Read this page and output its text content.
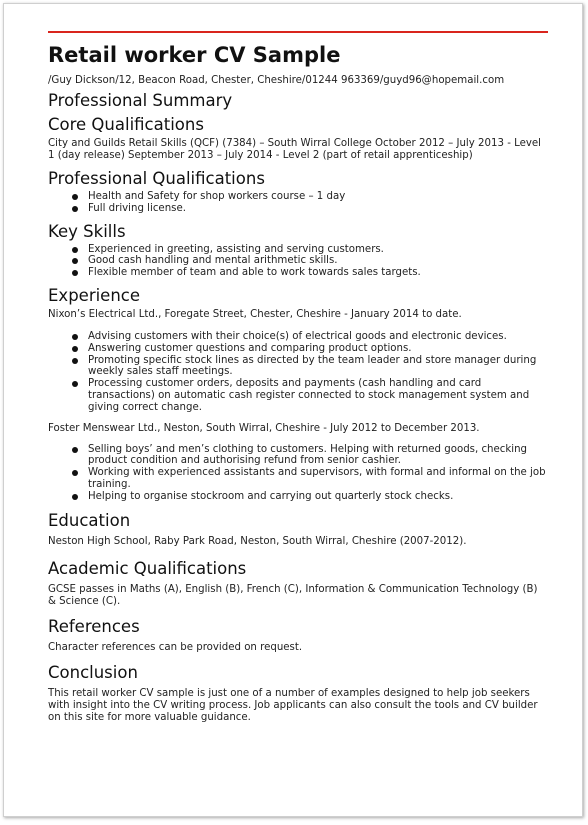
Retail worker CV Sample
/Guy Dickson/12, Beacon Road, Chester, Cheshire/01244 963369/guyd96@hopemail.com
Professional Summary
Core Qualifications

City and Guilds Retail Skills (QCF) (7384) – South Wirral College October 2012 – July 2013 - Level 1 (day release) September 2013 – July 2014 - Level 2 (part of retail apprenticeship)

Professional Qualifications
Health and Safety for shop workers course – 1 day
Full driving license.
Key Skills
Experienced in greeting, assisting and serving customers.
Good cash handling and mental arithmetic skills.
Flexible member of team and able to work towards sales targets.
Experience

Nixon’s Electrical Ltd., Foregate Street, Chester, Cheshire - January 2014 to date.

Advising customers with their choice(s) of electrical goods and electronic devices.
Answering customer questions and comparing product options.
Promoting specific stock lines as directed by the team leader and store manager during weekly sales staff meetings.
Processing customer orders, deposits and payments (cash handling and card transactions) on automatic cash register connected to stock management system and giving correct change.

Foster Menswear Ltd., Neston, South Wirral, Cheshire - July 2012 to December 2013.

Selling boys’ and men’s clothing to customers. Helping with returned goods, checking product condition and authorising refund from senior cashier.
Working with experienced assistants and supervisors, with formal and informal on the job training.
Helping to organise stockroom and carrying out quarterly stock checks.
Education

Neston High School, Raby Park Road, Neston, South Wirral, Cheshire (2007-2012).

Academic Qualifications

GCSE passes in Maths (A), English (B), French (C), Information & Communication Technology (B) & Science (C).

References

Character references can be provided on request.

Conclusion

This retail worker CV sample is just one of a number of examples designed to help job seekers with insight into the CV writing process. Job applicants can also consult the tools and CV builder on this site for more valuable guidance.
